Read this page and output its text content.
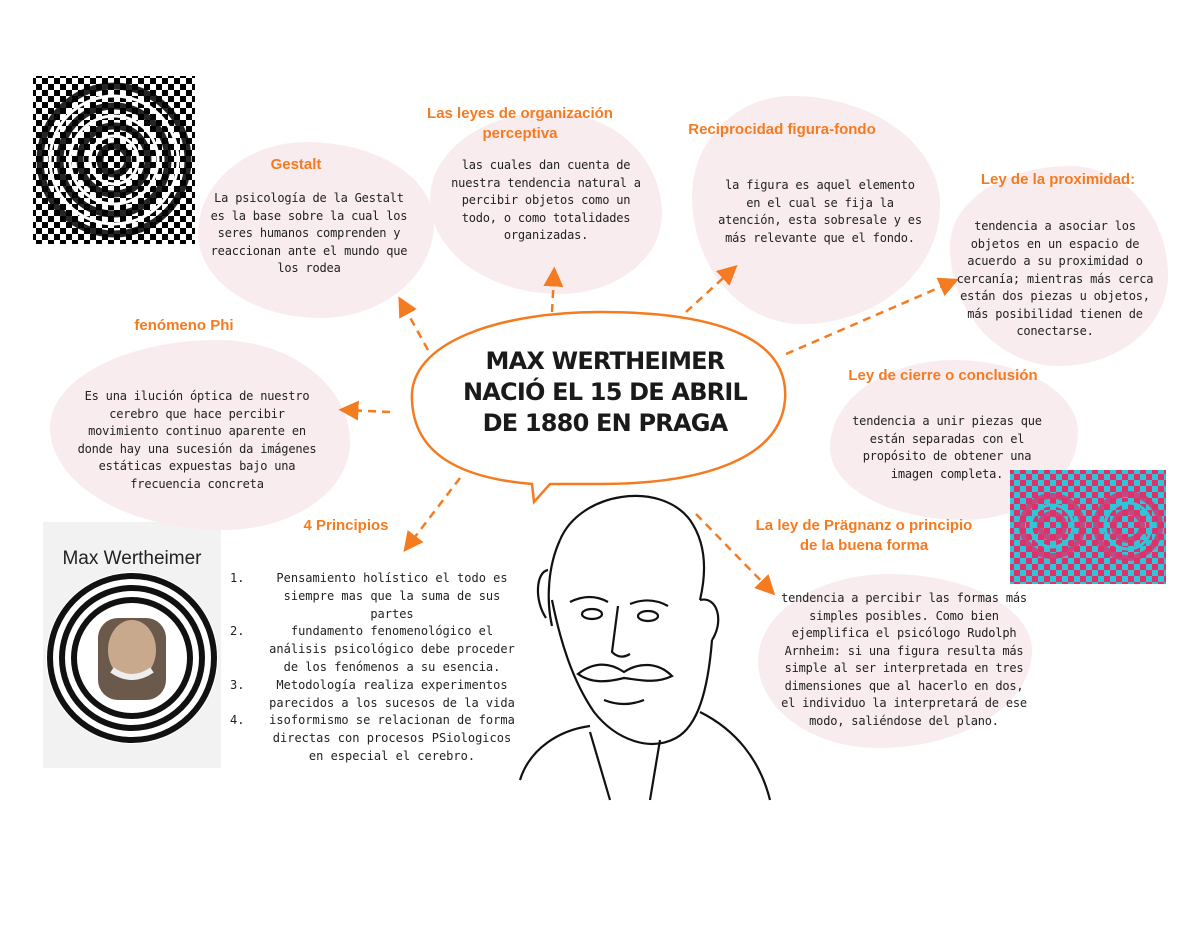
MAX WERTHEIMER
NACIÓ EL 15 DE ABRIL
DE 1880 EN PRAGA
Gestalt
La psicología de la Gestalt
es la base sobre la cual los
seres humanos comprenden y
reaccionan ante el mundo que
los rodea
Las leyes de organización
perceptiva
las cuales dan cuenta de
nuestra tendencia natural a
percibir objetos como un
todo, o como totalidades
organizadas.
Reciprocidad figura-fondo
la figura es aquel elemento
en el cual se fija la
atención, esta sobresale y es
más relevante que el fondo.
Ley de la proximidad:
tendencia a asociar los
objetos en un espacio de
acuerdo a su proximidad o
cercanía; mientras más cerca
están dos piezas u objetos,
más posibilidad tienen de
conectarse.
fenómeno Phi
Es una ilución óptica de nuestro
cerebro que hace percibir
movimiento continuo aparente en
donde hay una sucesión da imágenes
estáticas expuestas bajo una
frecuencia concreta
Ley de cierre o conclusión
tendencia a unir piezas que
están separadas con el
propósito de obtener una
imagen completa.
4 Principios
1.	Pensamiento holístico el todo es
siempre mas que la suma de sus
partes
2.	fundamento fenomenológico el
análisis psicológico debe proceder
de los fenómenos a su esencia.
3.	Metodología realiza experimentos
parecidos a los sucesos de la vida
4.	isoformismo se relacionan de forma
directas con procesos PSiologicos
en especial el cerebro.
La ley de Prägnanz o principio
de la buena forma
tendencia a percibir las formas más
simples posibles. Como bien
ejemplifica el psicólogo Rudolph
Arnheim: si una figura resulta más
simple al ser interpretada en tres
dimensiones que al hacerlo en dos,
el individuo la interpretará de ese
modo, saliéndose del plano.
Max Wertheimer
